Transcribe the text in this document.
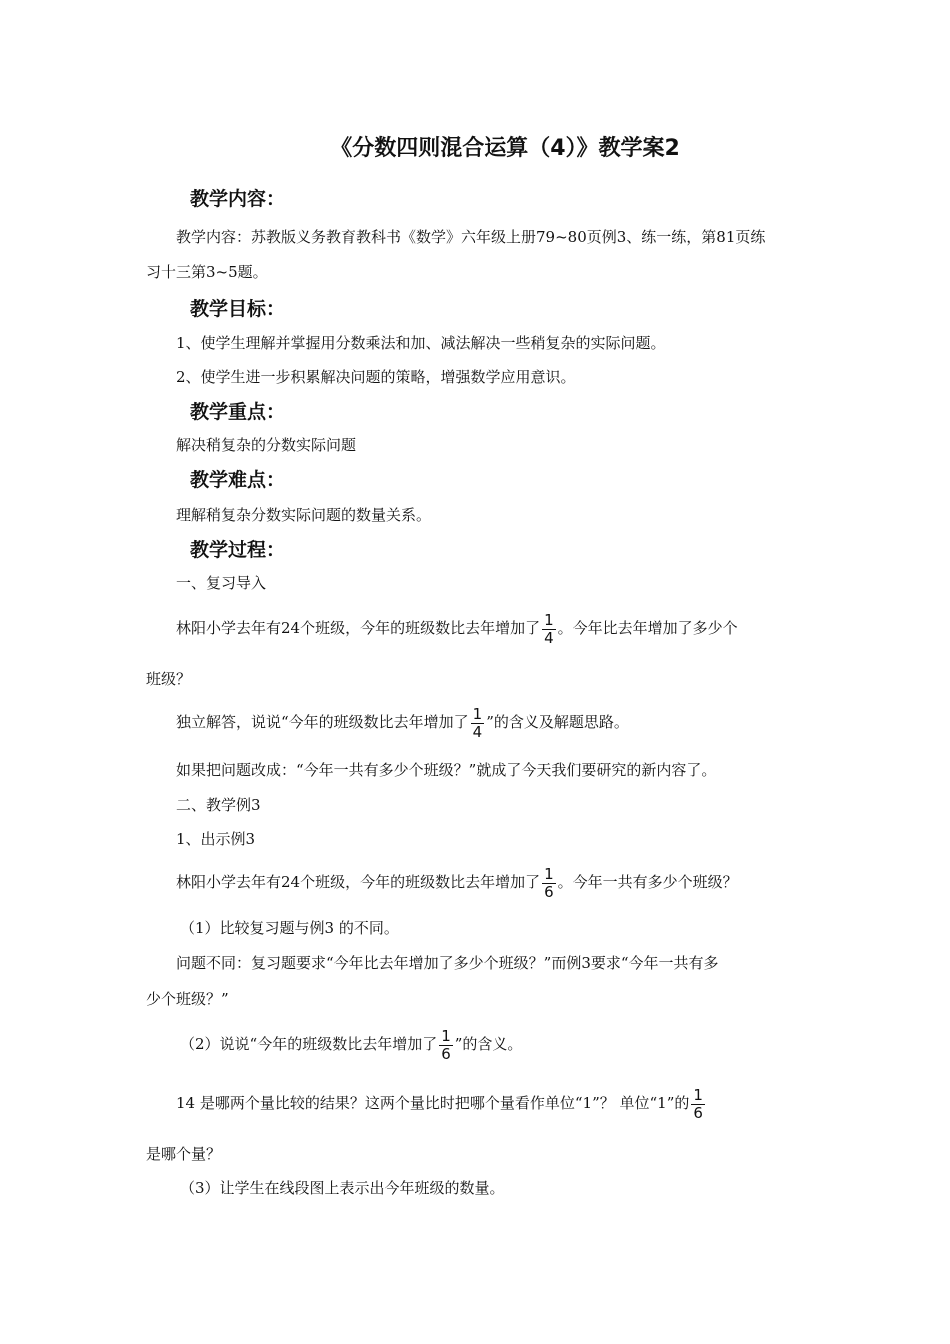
《分数四则混合运算（4）》教学案2
教学内容：
教学内容：苏教版义务教育教科书《数学》六年级上册79~80页例3、练一练，第81页练
习十三第3~5题。
教学目标：
1、使学生理解并掌握用分数乘法和加、减法解决一些稍复杂的实际问题。
2、使学生进一步积累解决问题的策略，增强数学应用意识。
教学重点：
解决稍复杂的分数实际问题
教学难点：
理解稍复杂分数实际问题的数量关系。
教学过程：
一、复习导入
林阳小学去年有24个班级，今年的班级数比去年增加了 $\frac{1}{4}$ 。今年比去年增加了多少个
班级？
独立解答，说说“今年的班级数比去年增加了 $\frac{1}{4}$ ”的含义及解题思路。
如果把问题改成：“今年一共有多少个班级？”就成了今天我们要研究的新内容了。
二、教学例3
1、出示例3
林阳小学去年有24个班级，今年的班级数比去年增加了 $\frac{1}{6}$ 。今年一共有多少个班级？
（1）比较复习题与例3 的不同。
问题不同：复习题要求“今年比去年增加了多少个班级？”而例3要求“今年一共有多
少个班级？”
（2）说说“今年的班级数比去年增加了 $\frac{1}{6}$ ”的含义。
14 是哪两个量比较的结果？这两个量比时把哪个量看作单位“1”？ 单位“1”的 $\frac{1}{6}$
是哪个量？
（3）让学生在线段图上表示出今年班级的数量。
